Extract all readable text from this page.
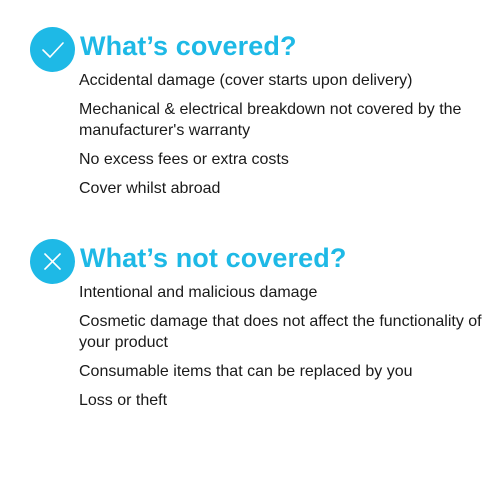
What’s covered?
Accidental damage (cover starts upon delivery)
Mechanical & electrical breakdown not covered by the manufacturer's warranty
No excess fees or extra costs
Cover whilst abroad
What’s not covered?
Intentional and malicious damage
Cosmetic damage that does not affect the functionality of your product
Consumable items that can be replaced by you
Loss or theft
